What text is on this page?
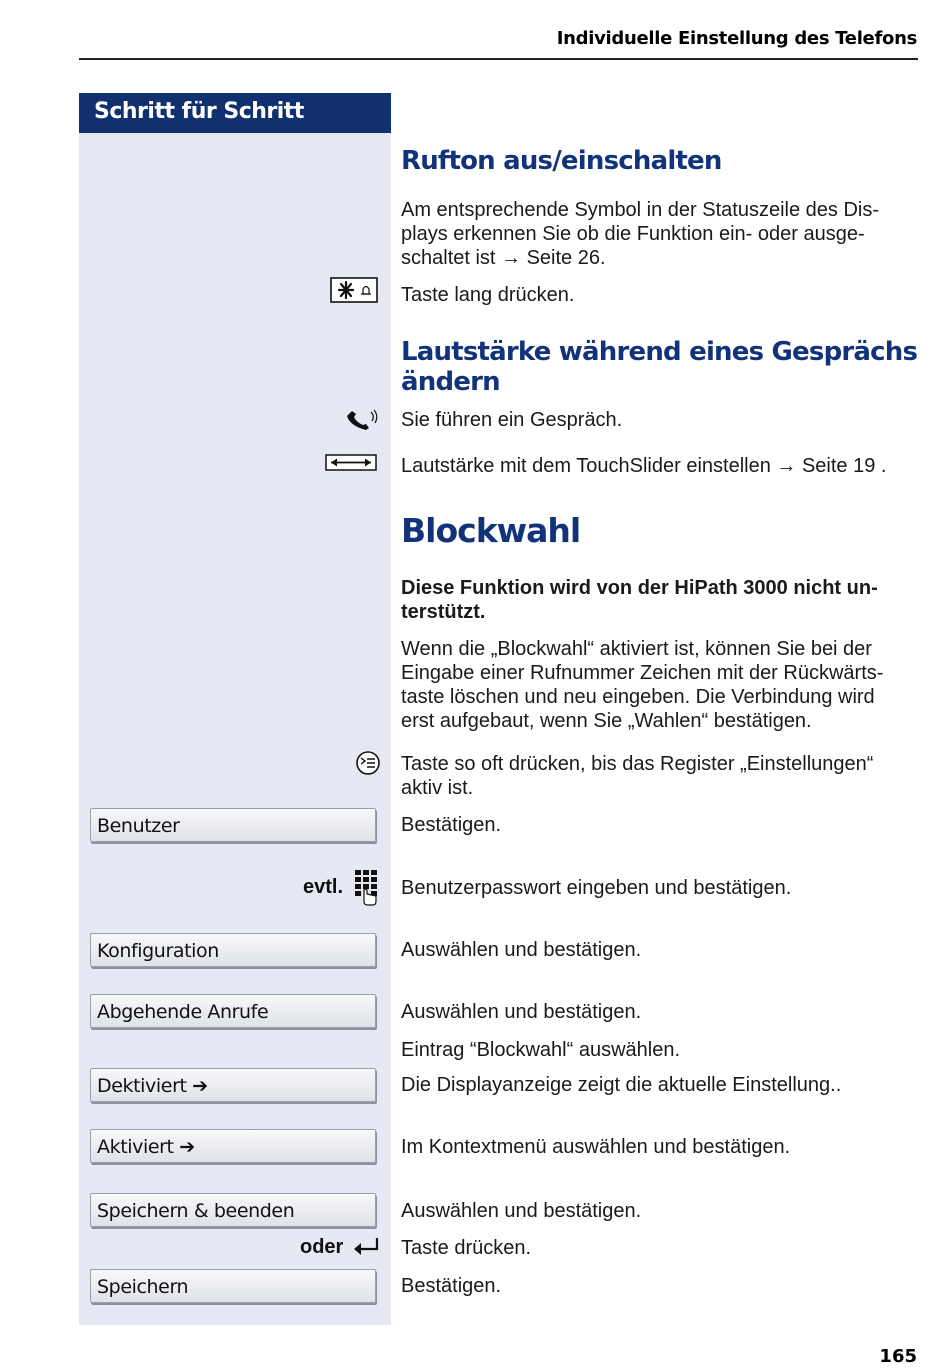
Individuelle Einstellung des Telefons
Schritt für Schritt
Rufton aus/einschalten
Am entsprechende Symbol in der Statuszeile des Dis-
plays erkennen Sie ob die Funktion ein- oder ausge-
schaltet ist → Seite 26.
Taste lang drücken.
Lautstärke während eines Gesprächs ändern
Sie führen ein Gespräch.
Lautstärke mit dem TouchSlider einstellen → Seite 19 .
Blockwahl
Diese Funktion wird von der HiPath 3000 nicht un-
terstützt.
Wenn die „Blockwahl“ aktiviert ist, können Sie bei der
Eingabe einer Rufnummer Zeichen mit der Rückwärts-
taste löschen und neu eingeben. Die Verbindung wird
erst aufgebaut, wenn Sie „Wahlen“ bestätigen.
Taste so oft drücken, bis das Register „Einstellungen“
aktiv ist.
Benutzer	Bestätigen.
evtl.	Benutzerpasswort eingeben und bestätigen.
Konfiguration	Auswählen und bestätigen.
Abgehende Anrufe	Auswählen und bestätigen.
Eintrag “Blockwahl“ auswählen.
Dektiviert ➔	Die Displayanzeige zeigt die aktuelle Einstellung..
Aktiviert ➔	Im Kontextmenü auswählen und bestätigen.
Speichern & beenden	Auswählen und bestätigen.
oder	Taste drücken.
Speichern	Bestätigen.
165
